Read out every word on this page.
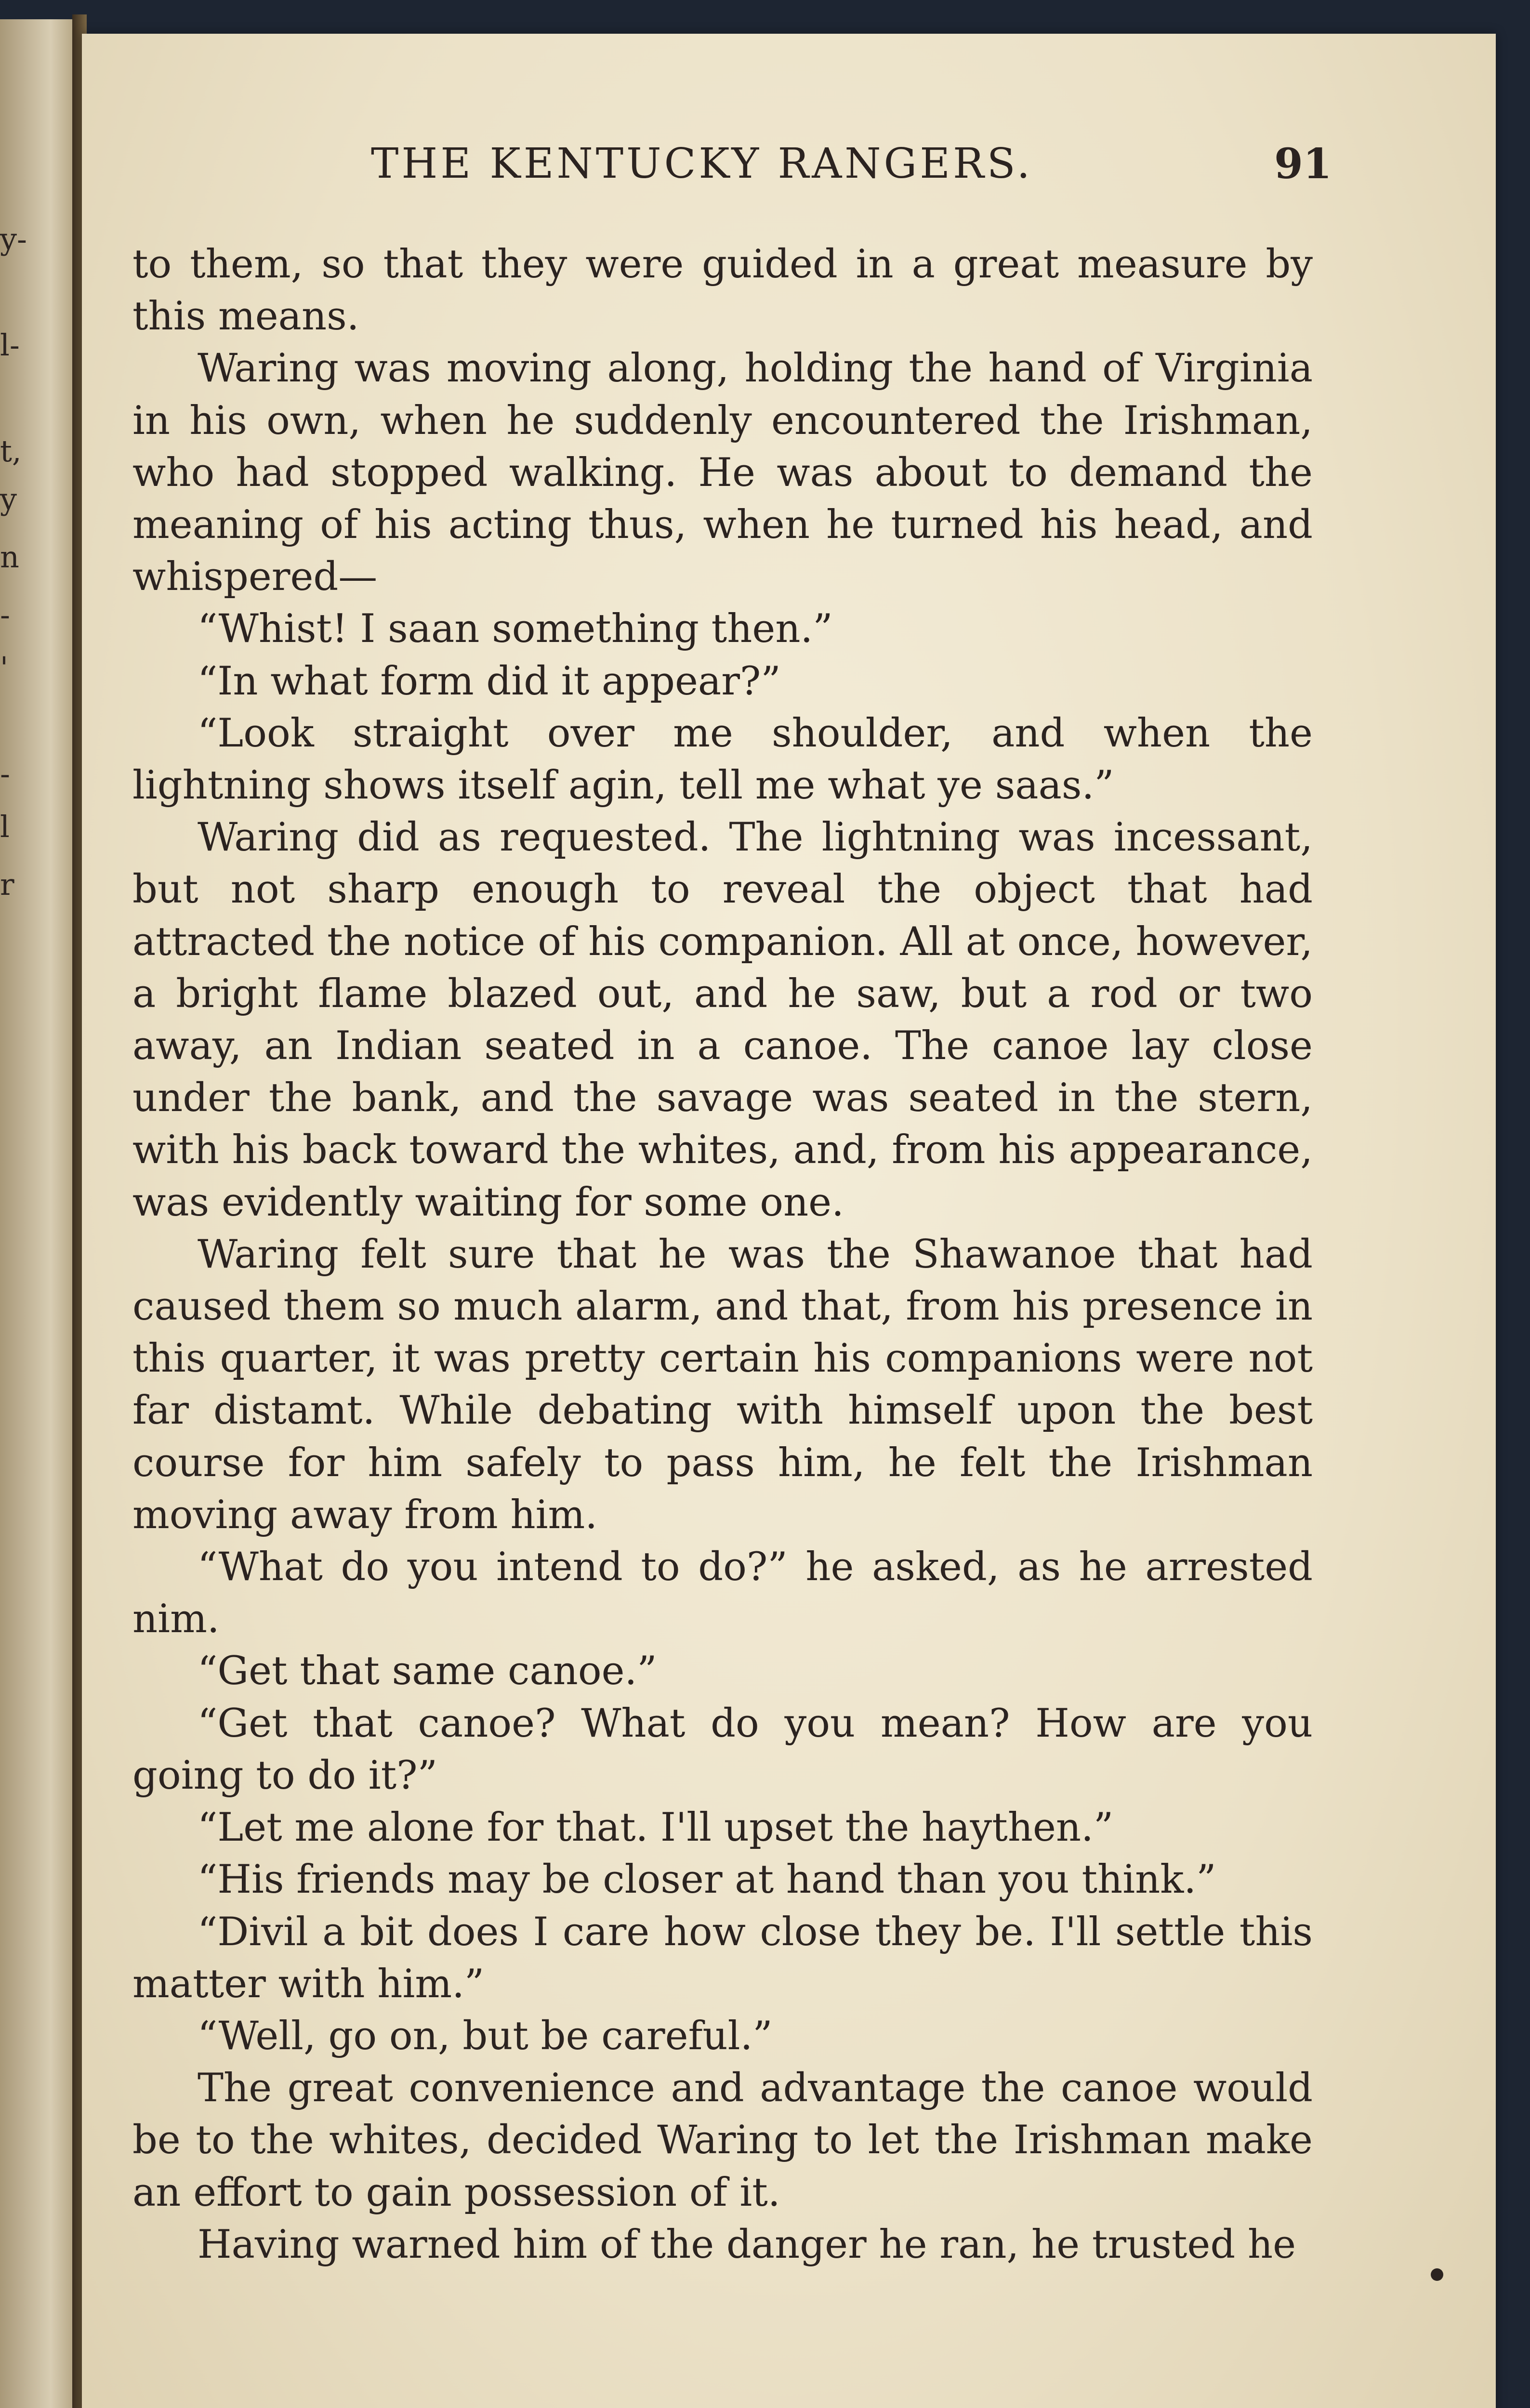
y-
l-
t,
y
n
-
'
-
l
r
THE KENTUCKY RANGERS.	91

to them, so that they were guided in a great measure by this means.

Waring was moving along, holding the hand of Virginia in his own, when he suddenly encountered the Irishman, who had stopped walking. He was about to demand the meaning of his acting thus, when he turned his head, and whispered—

“Whist! I saan something then.”

“In what form did it appear?”

“Look straight over me shoulder, and when the lightning shows itself agin, tell me what ye saas.”

Waring did as requested. The lightning was incessant, but not sharp enough to reveal the object that had attracted the notice of his companion. All at once, however, a bright flame blazed out, and he saw, but a rod or two away, an Indian seated in a canoe. The canoe lay close under the bank, and the savage was seated in the stern, with his back toward the whites, and, from his appearance, was evidently waiting for some one.

Waring felt sure that he was the Shawanoe that had caused them so much alarm, and that, from his presence in this quarter, it was pretty certain his companions were not far distamt. While debating with himself upon the best course for him safely to pass him, he felt the Irishman moving away from him.

“What do you intend to do?” he asked, as he arrested nim.

“Get that same canoe.”

“Get that canoe? What do you mean? How are you going to do it?”

“Let me alone for that. I'll upset the haythen.”

“His friends may be closer at hand than you think.”

“Divil a bit does I care how close they be. I'll settle this matter with him.”

“Well, go on, but be careful.”

The great convenience and advantage the canoe would be to the whites, decided Waring to let the Irishman make an effort to gain possession of it.

Having warned him of the danger he ran, he trusted he
